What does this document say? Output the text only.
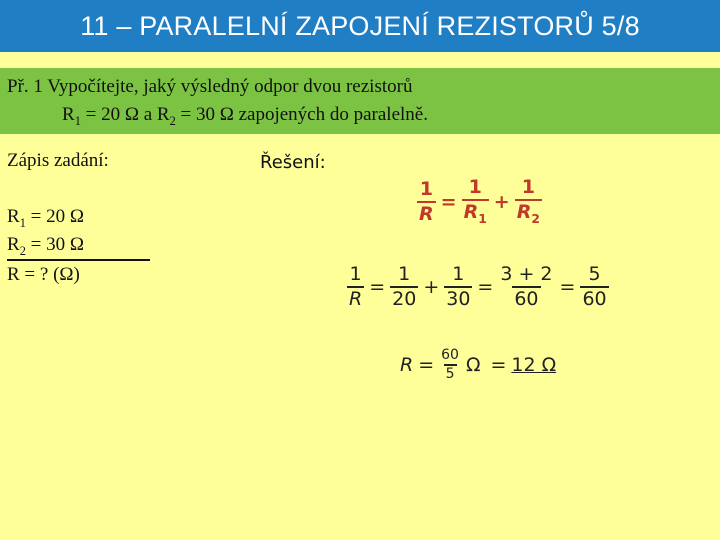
11 – PARALELNÍ ZAPOJENÍ REZISTORŮ 5/8
Př. 1 Vypočítejte, jaký výsledný odpor dvou rezistorů
$R_1 = 20$ Ω a $R_2 = 30$ Ω zapojených do paralelně.
Zápis zadání:
$R_1 = 20$ Ω
$R_2 = 30$ Ω
R = ? (Ω)
Řešení:
$\frac{1}{R} = \frac{1}{R_1} + \frac{1}{R_2}$
$\frac{1}{R} = \frac{1}{20} + \frac{1}{30} = \frac{3 + 2}{60} = \frac{5}{60}$
$R = \frac{60}{5}$ Ω = 12 Ω
